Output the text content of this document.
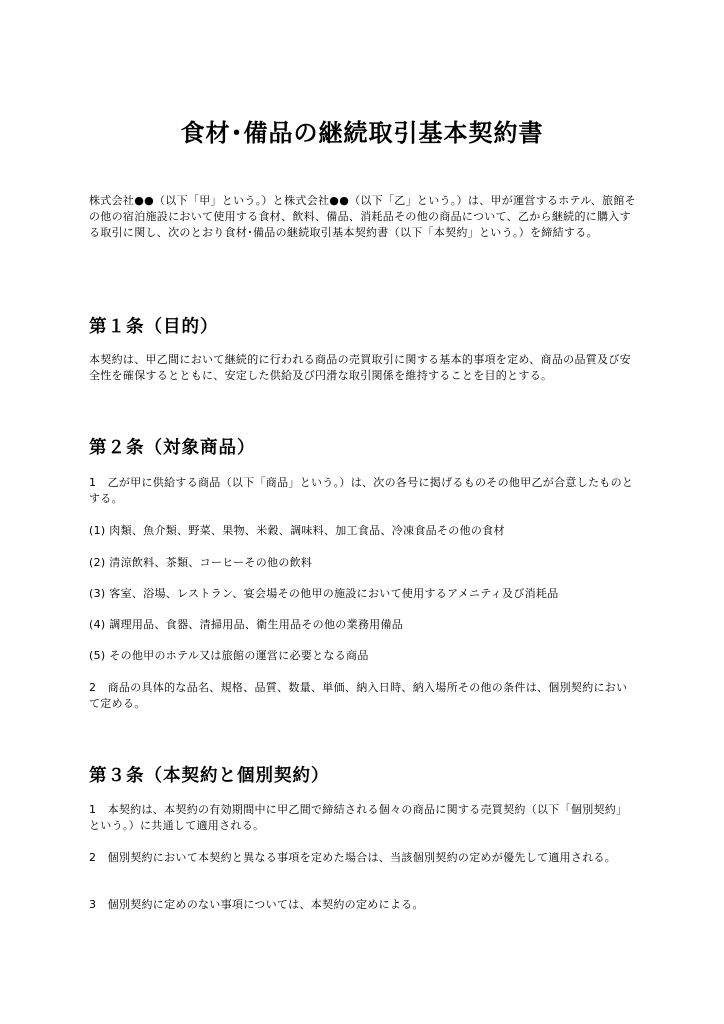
食材･備品の継続取引基本契約書

株式会社●●（以下「甲」という。）と株式会社●●（以下「乙」という。）は、甲が運営するホテル、旅館その他の宿泊施設において使用する食材、飲料、備品、消耗品その他の商品について、乙から継続的に購入する取引に関し、次のとおり食材･備品の継続取引基本契約書（以下「本契約」という。）を締結する。

第１条（目的）

本契約は、甲乙間において継続的に行われる商品の売買取引に関する基本的事項を定め、商品の品質及び安全性を確保するとともに、安定した供給及び円滑な取引関係を維持することを目的とする。

第２条（対象商品）

1　乙が甲に供給する商品（以下「商品」という。）は、次の各号に掲げるものその他甲乙が合意したものとする。

(1) 肉類、魚介類、野菜、果物、米穀、調味料、加工食品、冷凍食品その他の食材

(2) 清涼飲料、茶類、コーヒーその他の飲料

(3) 客室、浴場、レストラン、宴会場その他甲の施設において使用するアメニティ及び消耗品

(4) 調理用品、食器、清掃用品、衛生用品その他の業務用備品

(5) その他甲のホテル又は旅館の運営に必要となる商品

2　商品の具体的な品名、規格、品質、数量、単価、納入日時、納入場所その他の条件は、個別契約において定める。

第３条（本契約と個別契約）

1　本契約は、本契約の有効期間中に甲乙間で締結される個々の商品に関する売買契約（以下「個別契約」という。）に共通して適用される。

2　個別契約において本契約と異なる事項を定めた場合は、当該個別契約の定めが優先して適用される。

3　個別契約に定めのない事項については、本契約の定めによる。
